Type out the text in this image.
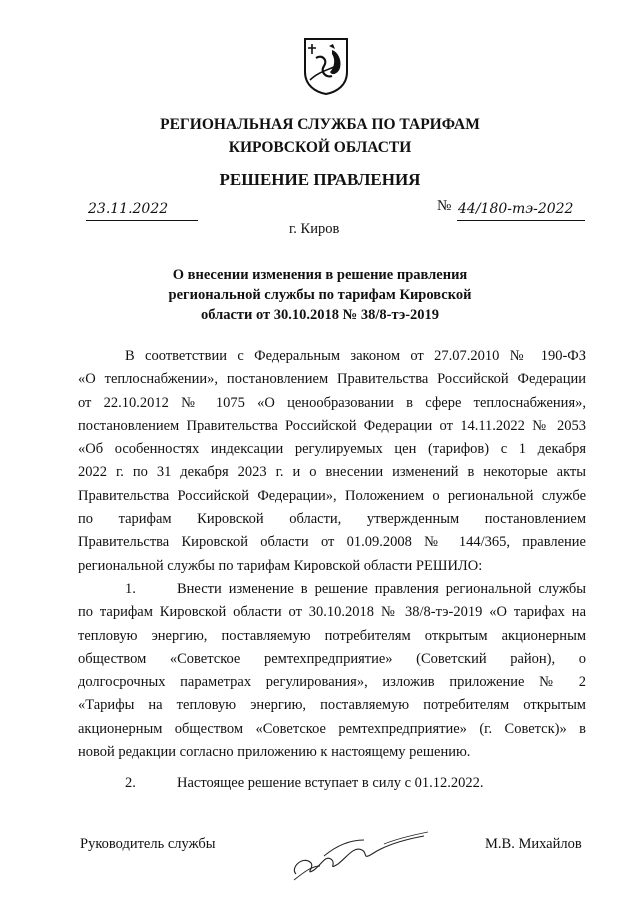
РЕГИОНАЛЬНАЯ СЛУЖБА ПО ТАРИФАМ
КИРОВСКОЙ ОБЛАСТИ
РЕШЕНИЕ ПРАВЛЕНИЯ
23.11.2022	№ 44/180-тэ-2022
г. Киров
О внесении изменения в решение правления
региональной службы по тарифам Кировской
области от 30.10.2018 № 38/8-тэ-2019

В соответствии с Федеральным законом от 27.07.2010 № 190-ФЗ

«О теплоснабжении», постановлением Правительства Российской Федерации

от 22.10.2012 № 1075 «О ценообразовании в сфере теплоснабжения»,

постановлением Правительства Российской Федерации от 14.11.2022 № 2053

«Об особенностях индексации регулируемых цен (тарифов) с 1 декабря

2022 г. по 31 декабря 2023 г. и о внесении изменений в некоторые акты

Правительства Российской Федерации», Положением о региональной службе

по тарифам Кировской области, утвержденным постановлением

Правительства Кировской области от 01.09.2008 № 144/365, правление

региональной службы по тарифам Кировской области РЕШИЛО:

1.	Внести изменение в решение правления региональной службы

по тарифам Кировской области от 30.10.2018 № 38/8-тэ-2019 «О тарифах на

тепловую энергию, поставляемую потребителям открытым акционерным

обществом «Советское ремтехпредприятие» (Советский район), о

долгосрочных параметрах регулирования», изложив приложение № 2

«Тарифы на тепловую энергию, поставляемую потребителям открытым

акционерным обществом «Советское ремтехпредприятие» (г. Советск)» в

новой редакции согласно приложению к настоящему решению.

2.	Настоящее решение вступает в силу с 01.12.2022.

Руководитель службы	М.В. Михайлов
